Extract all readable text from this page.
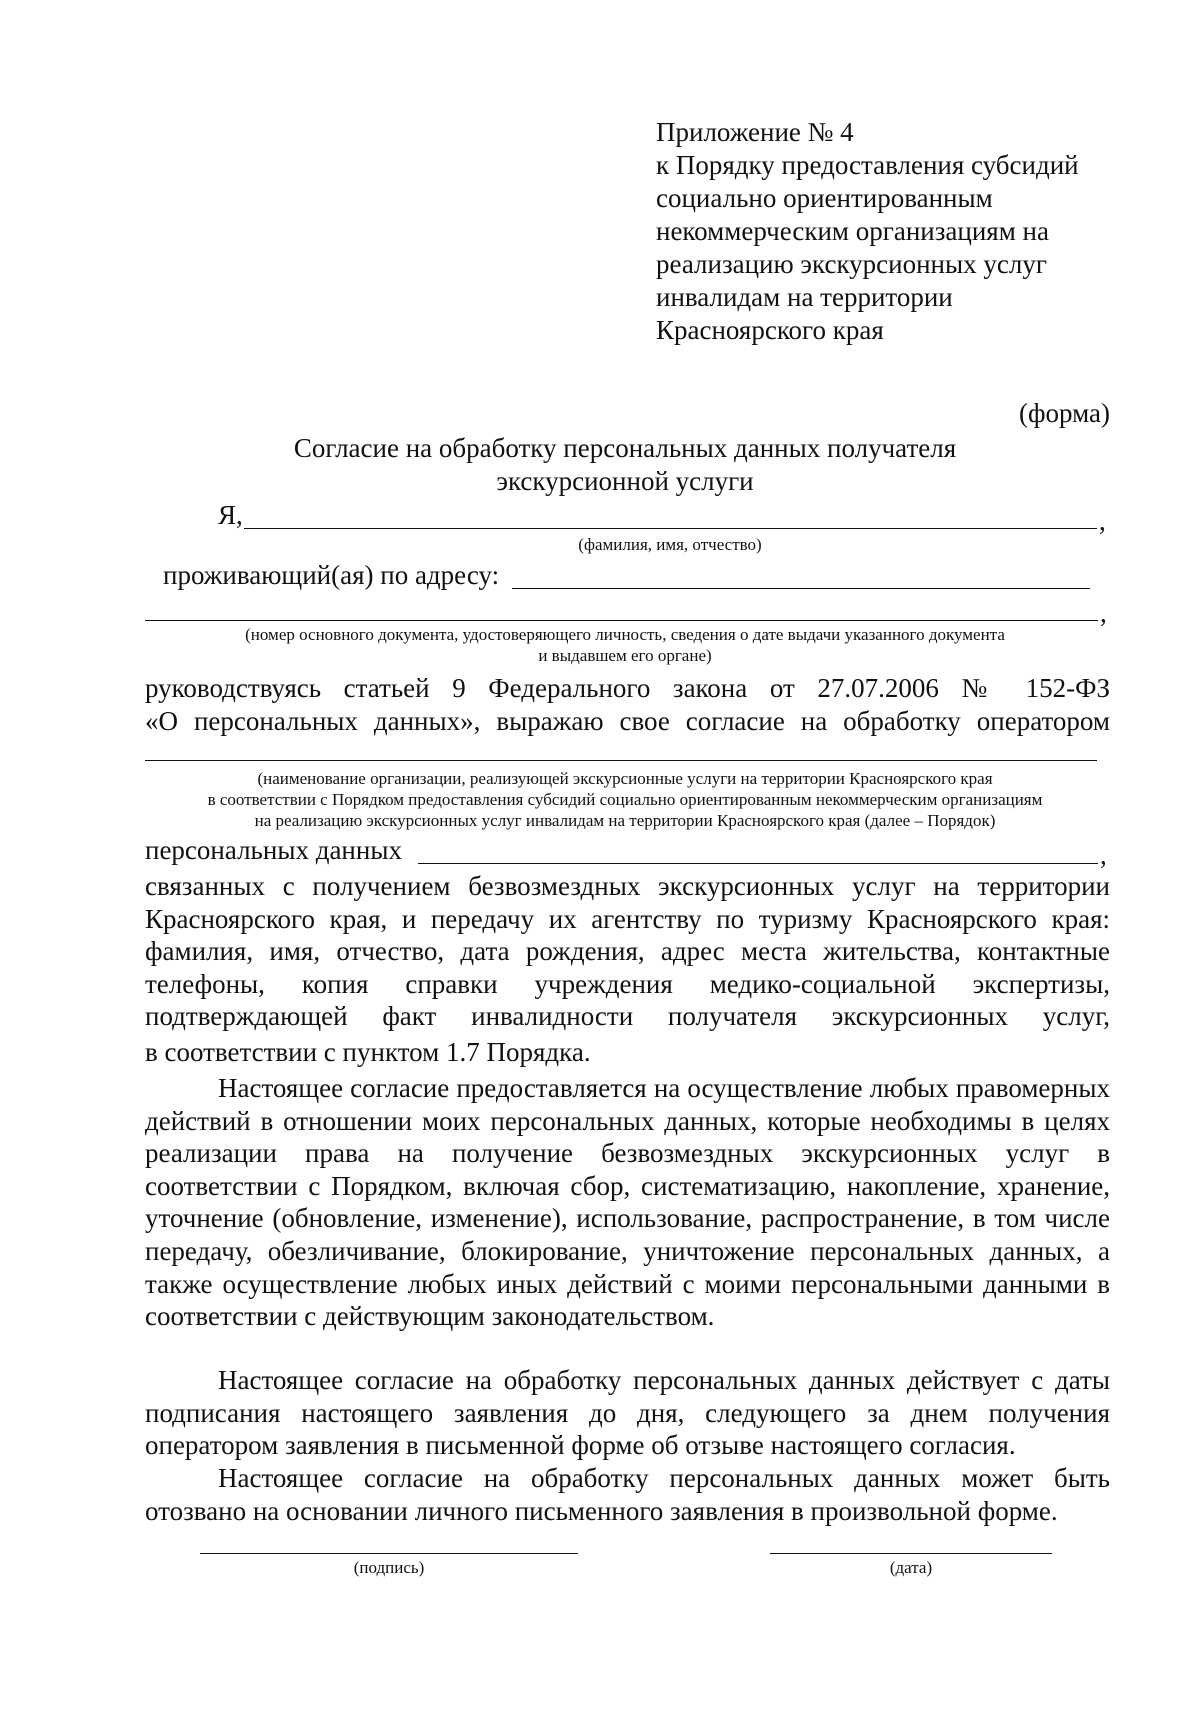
Приложение № 4
к Порядку предоставления субсидий
социально ориентированным
некоммерческим организациям на
реализацию экскурсионных услуг
инвалидам на территории
Красноярского края
(форма)
Согласие на обработку персональных данных получателя
экскурсионной услуги
Я,	,
(фамилия, имя, отчество)
проживающий(ая) по адресу:
,
(номер основного документа, удостоверяющего личность, сведения о дате выдачи указанного документа
и выдавшем его органе)
руководствуясь статьей 9 Федерального закона от 27.07.2006 № 152-ФЗ
«О персональных данных», выражаю свое согласие на обработку оператором
(наименование организации, реализующей экскурсионные услуги на территории Красноярского края
в соответствии с Порядком предоставления субсидий социально ориентированным некоммерческим организациям
на реализацию экскурсионных услуг инвалидам на территории Красноярского края (далее – Порядок)
персональных данных	,
связанных с получением безвозмездных экскурсионных услуг на территории
Красноярского края, и передачу их агентству по туризму Красноярского края:
фамилия, имя, отчество, дата рождения, адрес места жительства, контактные
телефоны, копия справки учреждения медико-социальной экспертизы,
подтверждающей факт инвалидности получателя экскурсионных услуг,
в соответствии с пунктом 1.7 Порядка.

Настоящее согласие предоставляется на осуществление любых правомерных действий в отношении моих персональных данных, которые необходимы в целях реализации права на получение безвозмездных экскурсионных услуг в соответствии с Порядком, включая сбор, систематизацию, накопление, хранение, уточнение (обновление, изменение), использование, распространение, в том числе передачу, обезличивание, блокирование, уничтожение персональных данных, а также осуществление любых иных действий с моими персональными данными в соответствии с действующим законодательством.

Настоящее согласие на обработку персональных данных действует с даты подписания настоящего заявления до дня, следующего за днем получения оператором заявления в письменной форме об отзыве настоящего согласия.

Настоящее согласие на обработку персональных данных может быть отозвано на основании личного письменного заявления в произвольной форме.

(подпись)	(дата)
